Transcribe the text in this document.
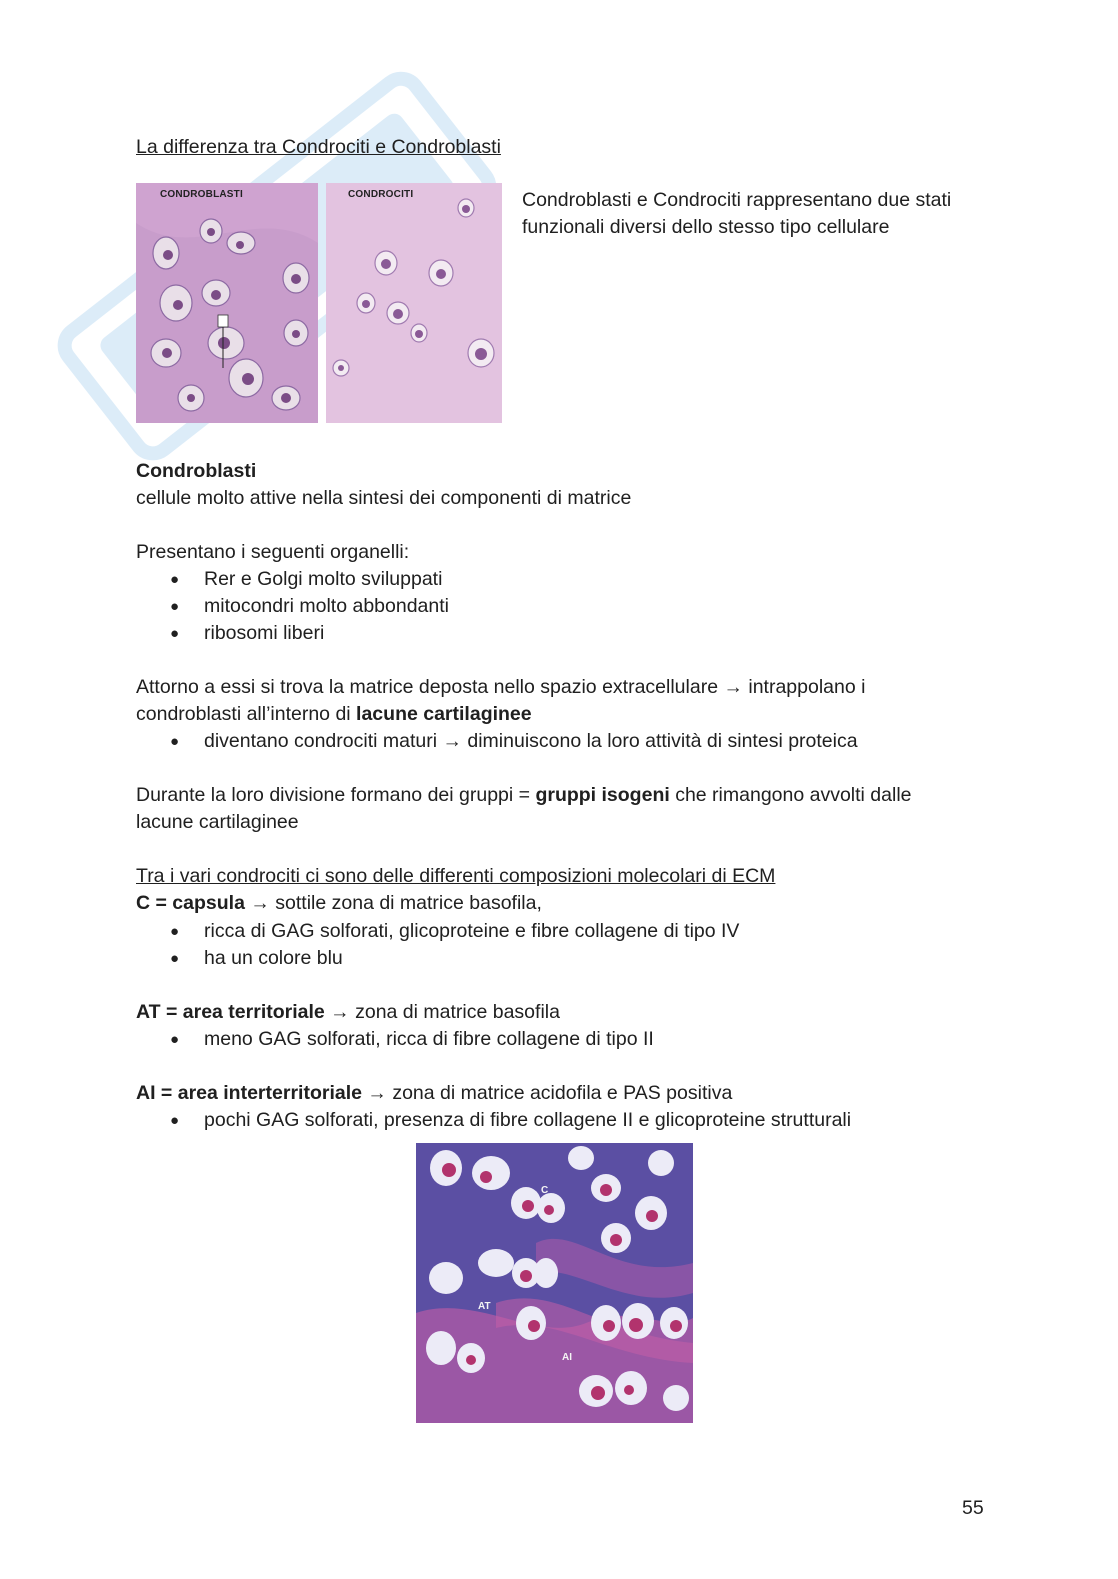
La differenza tra Condrociti e Condroblasti
CONDROBLASTI	CONDROCITI	Condroblasti e Condrociti rappresentano due stati
funzionali diversi dello stesso tipo cellulare
Condroblasti
cellule molto attive nella sintesi dei componenti di matrice
Presentano i seguenti organelli:
● Rer e Golgi molto sviluppati
● mitocondri molto abbondanti
● ribosomi liberi
Attorno a essi si trova la matrice deposta nello spazio extracellulare → intrappolano i
condroblasti all’interno di lacune cartilaginee
● diventano condrociti maturi → diminuiscono la loro attività di sintesi proteica
Durante la loro divisione formano dei gruppi = gruppi isogeni che rimangono avvolti dalle
lacune cartilaginee
Tra i vari condrociti ci sono delle differenti composizioni molecolari di ECM
C = capsula → sottile zona di matrice basofila,
● ricca di GAG solforati, glicoproteine e fibre collagene di tipo IV
● ha un colore blu
AT = area territoriale → zona di matrice basofila
● meno GAG solforati, ricca di fibre collagene di tipo II
AI = area interterritoriale → zona di matrice acidofila e PAS positiva
● pochi GAG solforati, presenza di fibre collagene II e glicoproteine strutturali
C
AT
AI
55
